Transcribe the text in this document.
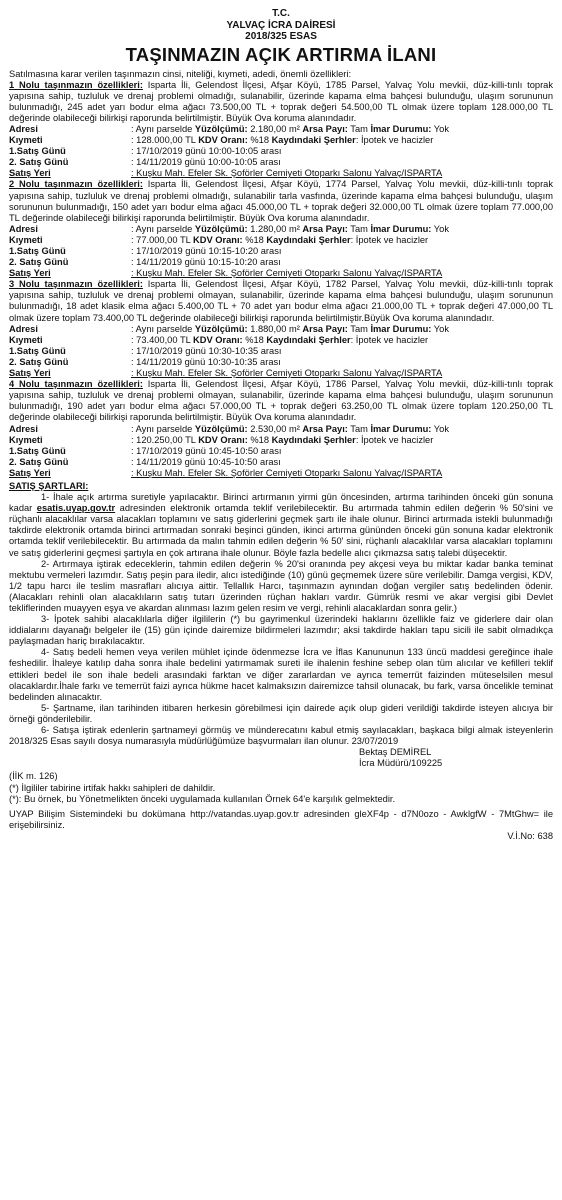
T.C.
YALVAÇ İCRA DAİRESİ
2018/325 ESAS
TAŞINMAZIN AÇIK ARTIRMA İLANI

Satılmasına karar verilen taşınmazın cinsi, niteliği, kıymeti, adedi, önemli özellikleri:

1 Nolu taşınmazın özellikleri: Isparta İli, Gelendost İlçesi, Afşar Köyü, 1785 Parsel, Yalvaç Yolu mevkii, düz-killi-tınlı toprak yapısına sahip, tuzluluk ve drenaj problemi olmadığı, sulanabilir, üzerinde kapama elma bahçesi bulunduğu, ulaşım sorununun bulunmadığı, 245 adet yarı bodur elma ağacı 73.500,00 TL + toprak değeri 54.500,00 TL olmak üzere toplam 128.000,00 TL değerinde olabileceği bilirkişi raporunda belirtilmiştir. Büyük Ova koruma alanındadır.

Adresi	: Aynı parselde Yüzölçümü: 2.180,00 m² Arsa Payı: Tam İmar Durumu: Yok
Kıymeti	: 128.000,00 TL KDV Oranı: %18 Kaydındaki Şerhler: İpotek ve hacizler
1.Satış Günü	: 17/10/2019 günü 10:00-10:05 arası
2. Satış Günü	: 14/11/2019 günü 10:00-10:05 arası
Satış Yeri	: Kuşku Mah. Efeler Sk. Şoförler Cemiyeti Otoparkı Salonu Yalvaç/ISPARTA

2 Nolu taşınmazın özellikleri: Isparta İli, Gelendost İlçesi, Afşar Köyü, 1774 Parsel, Yalvaç Yolu mevkii, düz-killi-tınlı toprak yapısına sahip, tuzluluk ve drenaj problemi olmadığı, sulanabilir tarla vasfında, üzerinde kapama elma bahçesi bulunduğu, ulaşım sorununun bulunmadığı, 150 adet yarı bodur elma ağacı 45.000,00 TL + toprak değeri 32.000,00 TL olmak üzere toplam 77.000,00 TL değerinde olabileceği bilirkişi raporunda belirtilmiştir. Büyük Ova koruma alanındadır.

Adresi	: Aynı parselde Yüzölçümü: 1.280,00 m² Arsa Payı: Tam İmar Durumu: Yok
Kıymeti	: 77.000,00 TL KDV Oranı: %18 Kaydındaki Şerhler: İpotek ve hacizler
1.Satış Günü	: 17/10/2019 günü 10:15-10:20 arası
2. Satış Günü	: 14/11/2019 günü 10:15-10:20 arası
Satış Yeri	: Kuşku Mah. Efeler Sk. Şoförler Cemiyeti Otoparkı Salonu Yalvaç/ISPARTA

3 Nolu taşınmazın özellikleri: Isparta İli, Gelendost İlçesi, Afşar Köyü, 1782 Parsel, Yalvaç Yolu mevkii, düz-killi-tınlı toprak yapısına sahip, tuzluluk ve drenaj problemi olmayan, sulanabilir, üzerinde kapama elma bahçesi bulunduğu, ulaşım sorununun bulunmadığı, 18 adet klasik elma ağacı 5.400,00 TL + 70 adet yarı bodur elma ağacı 21.000,00 TL + toprak değeri 47.000,00 TL olmak üzere toplam 73.400,00 TL değerinde olabileceği bilirkişi raporunda belirtilmiştir.Büyük Ova koruma alanındadır.

Adresi	: Aynı parselde Yüzölçümü: 1.880,00 m² Arsa Payı: Tam İmar Durumu: Yok
Kıymeti	: 73.400,00 TL KDV Oranı: %18 Kaydındaki Şerhler: İpotek ve hacizler
1.Satış Günü	: 17/10/2019 günü 10:30-10:35 arası
2. Satış Günü	: 14/11/2019 günü 10:30-10:35 arası
Satış Yeri	: Kuşku Mah. Efeler Sk. Şoförler Cemiyeti Otoparkı Salonu Yalvaç/ISPARTA

4 Nolu taşınmazın özellikleri: Isparta İli, Gelendost İlçesi, Afşar Köyü, 1786 Parsel, Yalvaç Yolu mevkii, düz-killi-tınlı toprak yapısına sahip, tuzluluk ve drenaj problemi olmayan, sulanabilir, üzerinde kapama elma bahçesi bulunduğu, ulaşım sorununun bulunmadığı, 190 adet yarı bodur elma ağacı 57.000,00 TL + toprak değeri 63.250,00 TL olmak üzere toplam 120.250,00 TL değerinde olabileceği bilirkişi raporunda belirtilmiştir. Büyük Ova koruma alanındadır.

Adresi	: Aynı parselde Yüzölçümü: 2.530,00 m² Arsa Payı: Tam İmar Durumu: Yok
Kıymeti	: 120.250,00 TL KDV Oranı: %18 Kaydındaki Şerhler: İpotek ve hacizler
1.Satış Günü	: 17/10/2019 günü 10:45-10:50 arası
2. Satış Günü	: 14/11/2019 günü 10:45-10:50 arası
Satış Yeri	: Kuşku Mah. Efeler Sk. Şoförler Cemiyeti Otoparkı Salonu Yalvaç/ISPARTA
SATIŞ ŞARTLARI:

1- İhale açık artırma suretiyle yapılacaktır. Birinci artırmanın yirmi gün öncesinden, artırma tarihinden önceki gün sonuna kadar esatis.uyap.gov.tr adresinden elektronik ortamda teklif verilebilecektir. Bu artırmada tahmin edilen değerin % 50'sini ve rüçhanlı alacaklılar varsa alacakları toplamını ve satış giderlerini geçmek şartı ile ihale olunur. Birinci artırmada istekli bulunmadığı takdirde elektronik ortamda birinci artırmadan sonraki beşinci günden, ikinci artırma gününden önceki gün sonuna kadar elektronik ortamda teklif verilebilecektir. Bu artırmada da malın tahmin edilen değerin % 50' sini, rüçhanlı alacaklılar varsa alacakları toplamını ve satış giderlerini geçmesi şartıyla en çok artırana ihale olunur. Böyle fazla bedelle alıcı çıkmazsa satış talebi düşecektir.

2- Artırmaya iştirak edeceklerin, tahmin edilen değerin % 20'si oranında pey akçesi veya bu miktar kadar banka teminat mektubu vermeleri lazımdır. Satış peşin para iledir, alıcı istediğinde (10) günü geçmemek üzere süre verilebilir. Damga vergisi, KDV, 1/2 tapu harcı ile teslim masrafları alıcıya aittir. Tellallık Harcı, taşınmazın aynından doğan vergiler satış bedelinden ödenir. (Alacakları rehinli olan alacaklıların satış tutarı üzerinden rüçhan hakları vardır. Gümrük resmi ve akar vergisi gibi Devlet tekliflerinden muayyen eşya ve akardan alınması lazım gelen resim ve vergi, rehinli alacaklardan sonra gelir.)

3- İpotek sahibi alacaklılarla diğer ilgililerin (*) bu gayrimenkul üzerindeki haklarını özellikle faiz ve giderlere dair olan iddialarını dayanağı belgeler ile (15) gün içinde dairemize bildirmeleri lazımdır; aksi takdirde hakları tapu sicili ile sabit olmadıkça paylaşmadan hariç bırakılacaktır.

4- Satış bedeli hemen veya verilen mühlet içinde ödenmezse İcra ve İflas Kanununun 133 üncü maddesi gereğince ihale feshedilir. İhaleye katılıp daha sonra ihale bedelini yatırmamak sureti ile ihalenin feshine sebep olan tüm alıcılar ve kefilleri teklif ettikleri bedel ile son ihale bedeli arasındaki farktan ve diğer zararlardan ve ayrıca temerrüt faizinden müteselsilen mesul olacaklardır.İhale farkı ve temerrüt faizi ayrıca hükme hacet kalmaksızın dairemizce tahsil olunacak, bu fark, varsa öncelikle teminat bedelinden alınacaktır.

5- Şartname, ilan tarihinden itibaren herkesin görebilmesi için dairede açık olup gideri verildiği takdirde isteyen alıcıya bir örneği gönderilebilir.

6- Satışa iştirak edenlerin şartnameyi görmüş ve münderecatını kabul etmiş sayılacakları, başkaca bilgi almak isteyenlerin 2018/325 Esas sayılı dosya numarasıyla müdürlüğümüze başvurmaları ilan olunur. 23/07/2019

Bektaş DEMİREL
İcra Müdürü/109225
(İİK m. 126)
(*) İlgililer tabirine irtifak hakkı sahipleri de dahildir.
(*): Bu örnek, bu Yönetmelikten önceki uygulamada kullanılan Örnek 64'e karşılık gelmektedir.
UYAP Bilişim Sistemindeki bu dokümana http://vatandas.uyap.gov.tr adresinden gleXF4p - d7N0ozo - AwklgfW - 7MtGhw= ile erişebilirsiniz.
V.İ.No: 638
